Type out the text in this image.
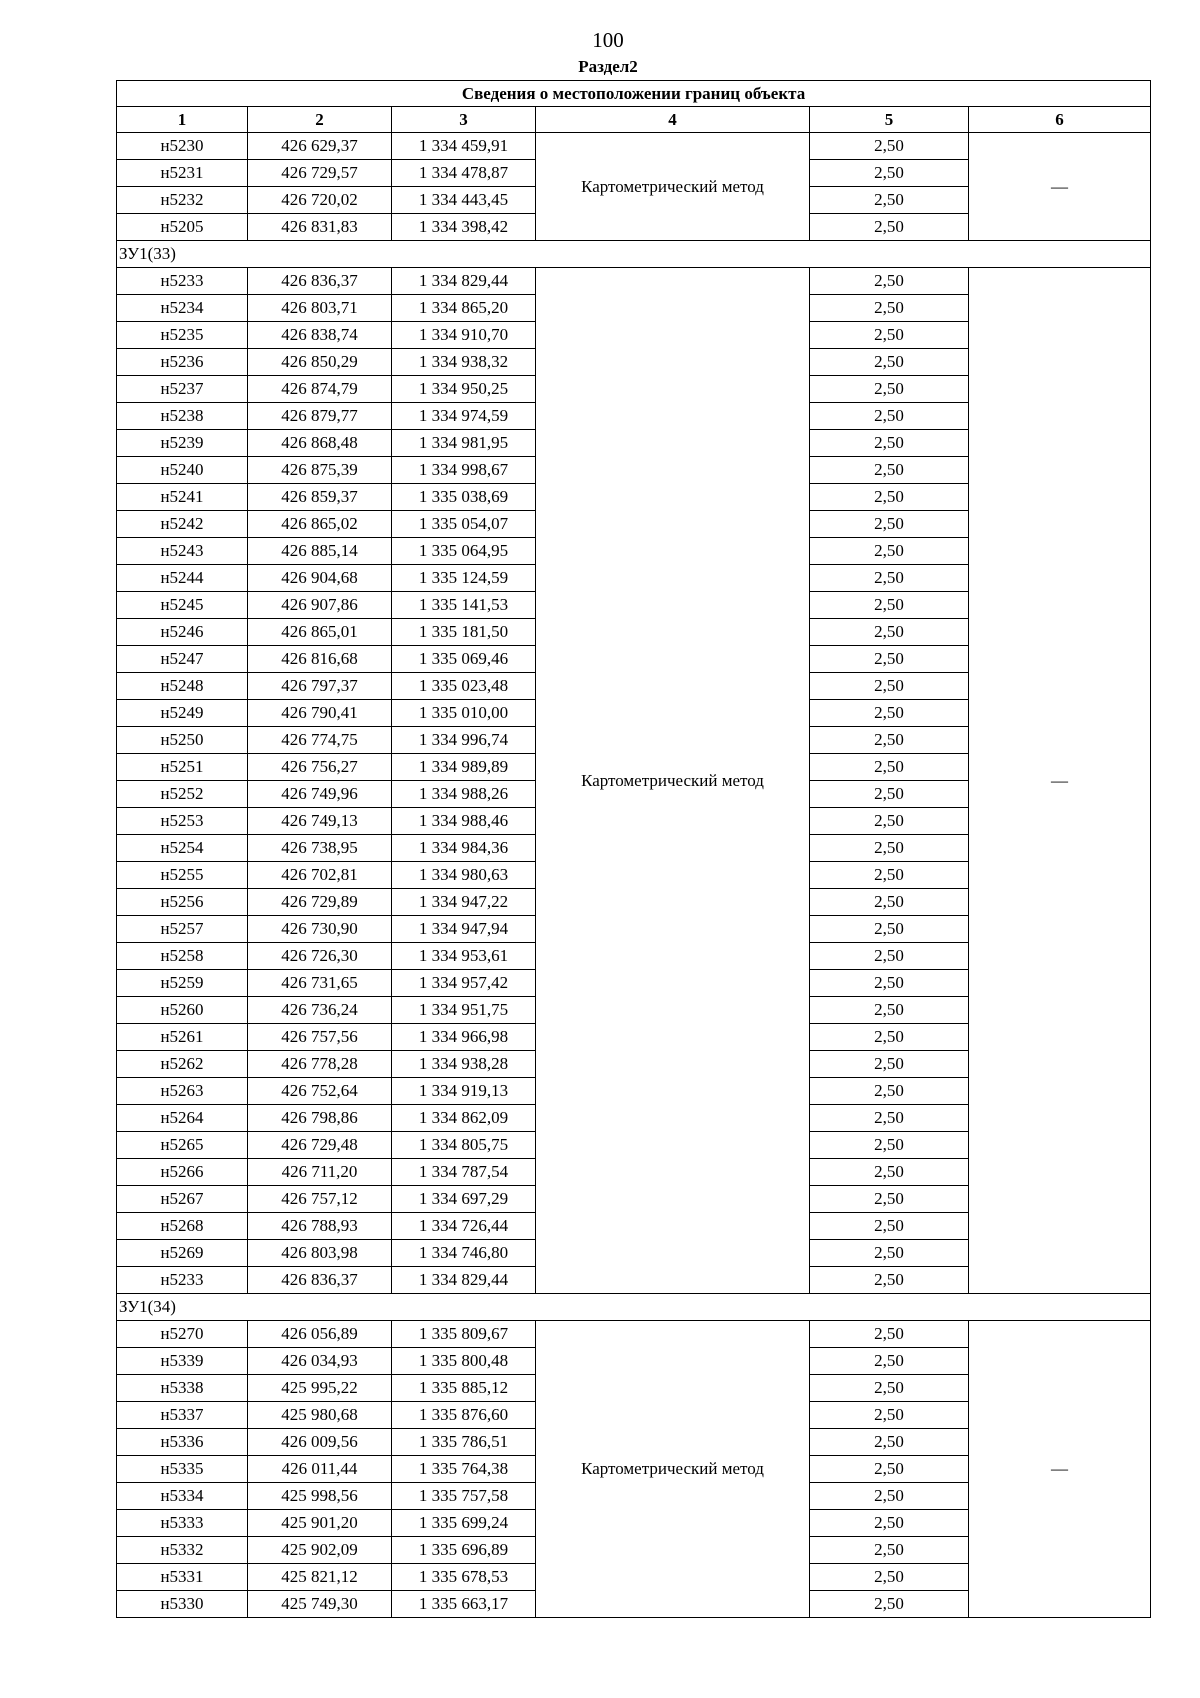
100
Раздел2
Сведения о местоположении границ объекта					
1	2	3	4	5	6
н5230	426 629,37	1 334 459,91	Картометрический метод	2,50	—
н5231	426 729,57	1 334 478,87		2,50	
н5232	426 720,02	1 334 443,45		2,50	
н5205	426 831,83	1 334 398,42		2,50	
ЗУ1(33)					
н5233	426 836,37	1 334 829,44	Картометрический метод	2,50	—
н5234	426 803,71	1 334 865,20		2,50	
н5235	426 838,74	1 334 910,70		2,50	
н5236	426 850,29	1 334 938,32		2,50	
н5237	426 874,79	1 334 950,25		2,50	
н5238	426 879,77	1 334 974,59		2,50	
н5239	426 868,48	1 334 981,95		2,50	
н5240	426 875,39	1 334 998,67		2,50	
н5241	426 859,37	1 335 038,69		2,50	
н5242	426 865,02	1 335 054,07		2,50	
н5243	426 885,14	1 335 064,95		2,50	
н5244	426 904,68	1 335 124,59		2,50	
н5245	426 907,86	1 335 141,53		2,50	
н5246	426 865,01	1 335 181,50		2,50	
н5247	426 816,68	1 335 069,46		2,50	
н5248	426 797,37	1 335 023,48		2,50	
н5249	426 790,41	1 335 010,00		2,50	
н5250	426 774,75	1 334 996,74		2,50	
н5251	426 756,27	1 334 989,89		2,50	
н5252	426 749,96	1 334 988,26		2,50	
н5253	426 749,13	1 334 988,46		2,50	
н5254	426 738,95	1 334 984,36		2,50	
н5255	426 702,81	1 334 980,63		2,50	
н5256	426 729,89	1 334 947,22		2,50	
н5257	426 730,90	1 334 947,94		2,50	
н5258	426 726,30	1 334 953,61		2,50	
н5259	426 731,65	1 334 957,42		2,50	
н5260	426 736,24	1 334 951,75		2,50	
н5261	426 757,56	1 334 966,98		2,50	
н5262	426 778,28	1 334 938,28		2,50	
н5263	426 752,64	1 334 919,13		2,50	
н5264	426 798,86	1 334 862,09		2,50	
н5265	426 729,48	1 334 805,75		2,50	
н5266	426 711,20	1 334 787,54		2,50	
н5267	426 757,12	1 334 697,29		2,50	
н5268	426 788,93	1 334 726,44		2,50	
н5269	426 803,98	1 334 746,80		2,50	
н5233	426 836,37	1 334 829,44		2,50	
ЗУ1(34)					
н5270	426 056,89	1 335 809,67	Картометрический метод	2,50	—
н5339	426 034,93	1 335 800,48		2,50	
н5338	425 995,22	1 335 885,12		2,50	
н5337	425 980,68	1 335 876,60		2,50	
н5336	426 009,56	1 335 786,51		2,50	
н5335	426 011,44	1 335 764,38		2,50	
н5334	425 998,56	1 335 757,58		2,50	
н5333	425 901,20	1 335 699,24		2,50	
н5332	425 902,09	1 335 696,89		2,50	
н5331	425 821,12	1 335 678,53		2,50	
н5330	425 749,30	1 335 663,17		2,50	
